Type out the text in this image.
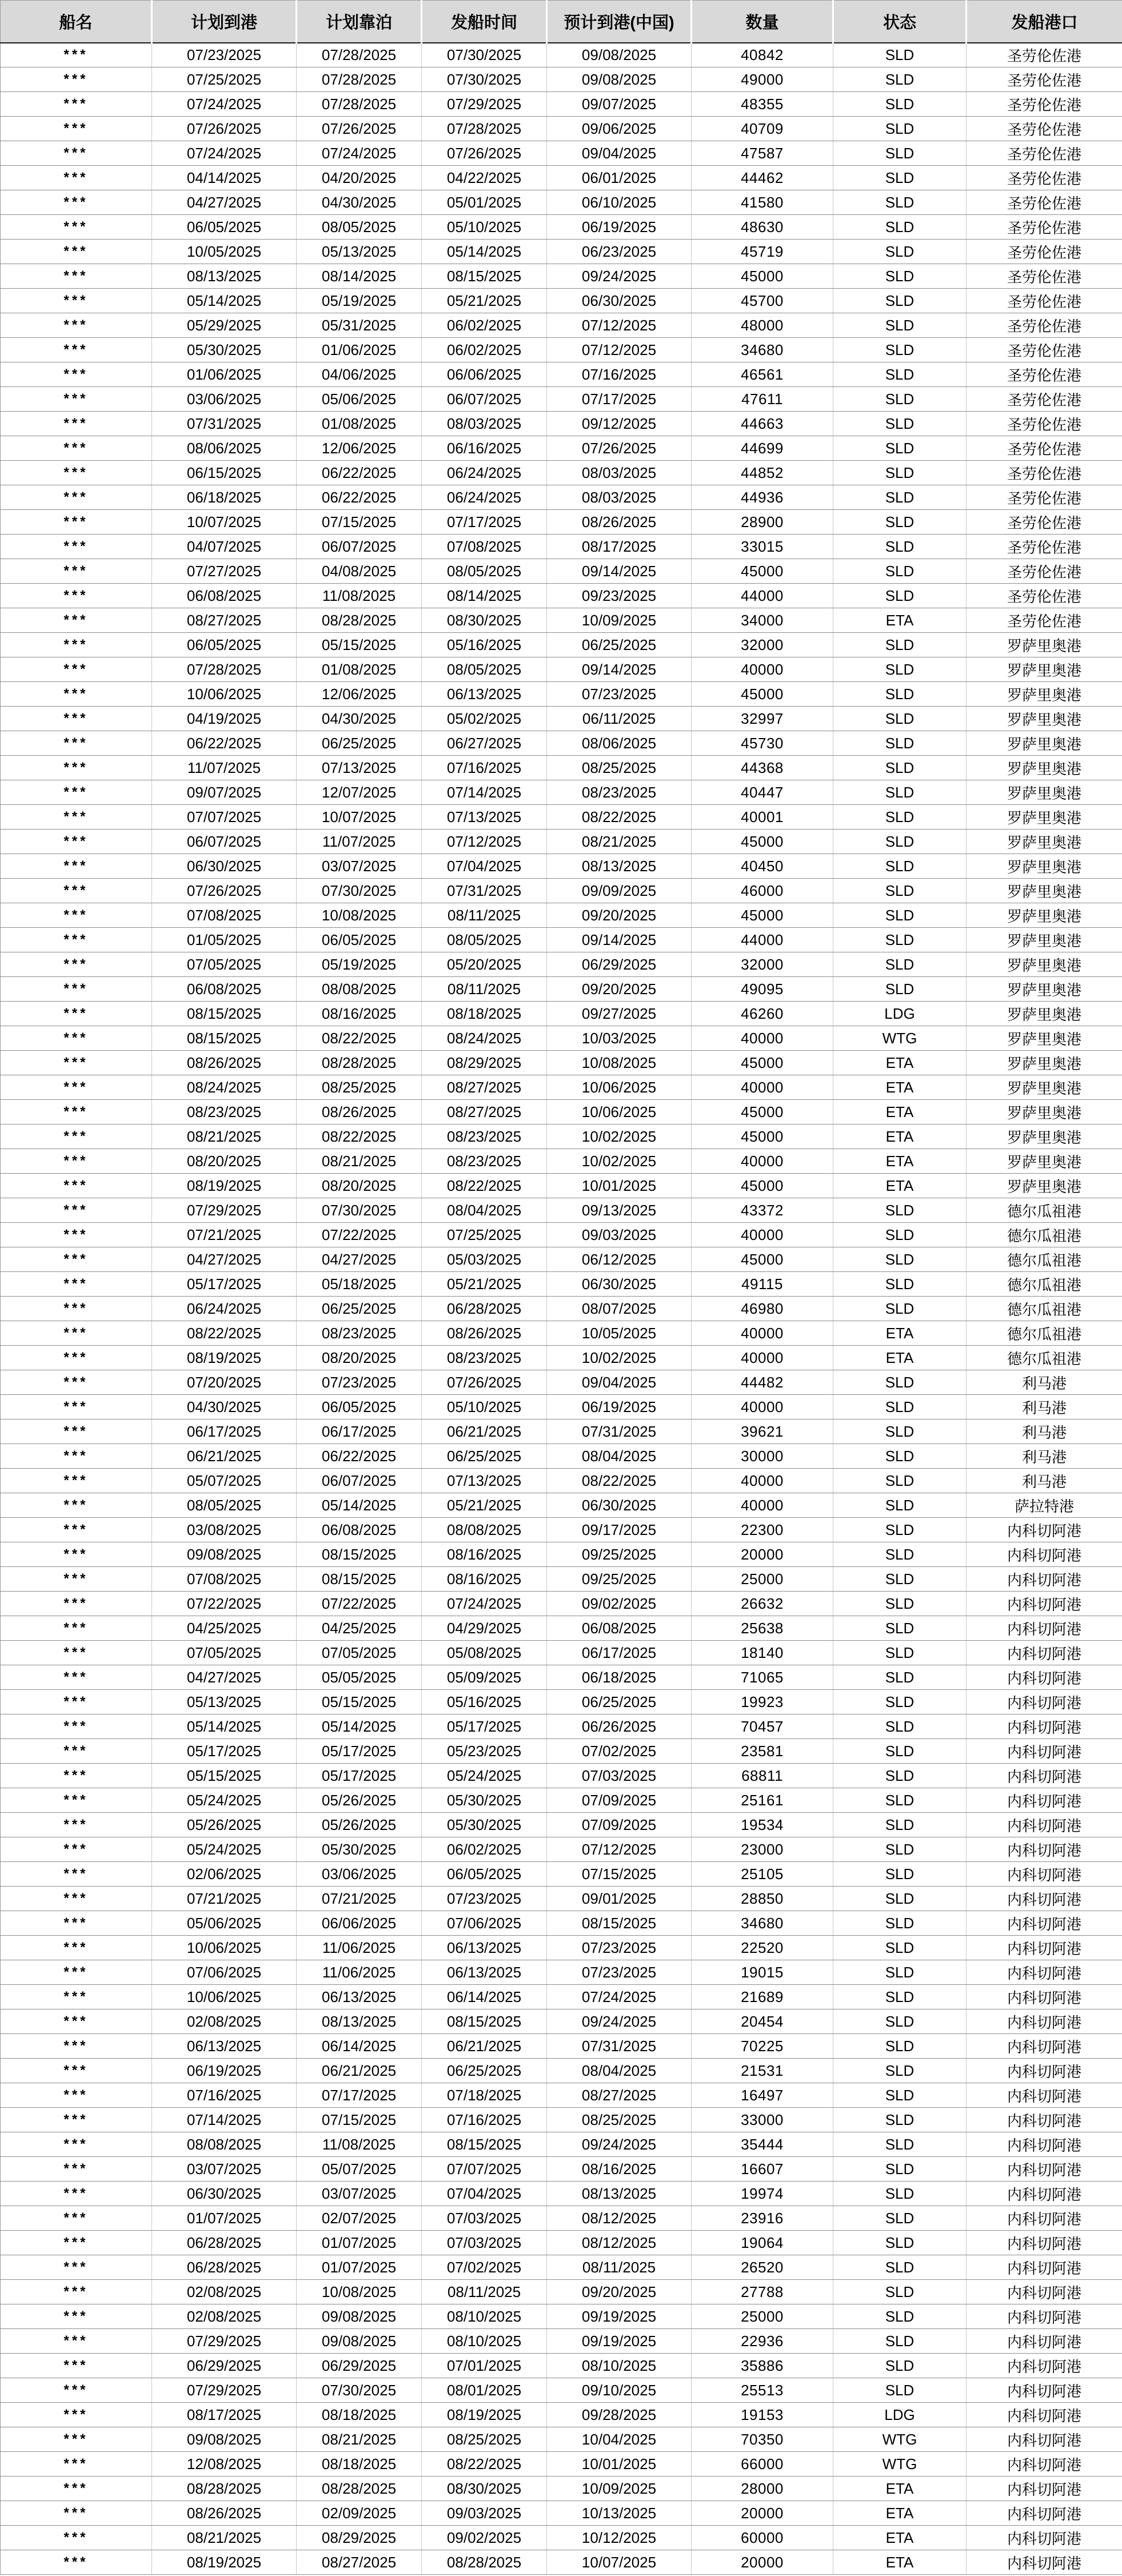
船名	计划到港	计划靠泊	发船时间	预计到港(中国)	数量	状态	发船港口
***	07/23/2025	07/28/2025	07/30/2025	09/08/2025	40842	SLD	圣劳伦佐港
***	07/25/2025	07/28/2025	07/30/2025	09/08/2025	49000	SLD	圣劳伦佐港
***	07/24/2025	07/28/2025	07/29/2025	09/07/2025	48355	SLD	圣劳伦佐港
***	07/26/2025	07/26/2025	07/28/2025	09/06/2025	40709	SLD	圣劳伦佐港
***	07/24/2025	07/24/2025	07/26/2025	09/04/2025	47587	SLD	圣劳伦佐港
***	04/14/2025	04/20/2025	04/22/2025	06/01/2025	44462	SLD	圣劳伦佐港
***	04/27/2025	04/30/2025	05/01/2025	06/10/2025	41580	SLD	圣劳伦佐港
***	06/05/2025	08/05/2025	05/10/2025	06/19/2025	48630	SLD	圣劳伦佐港
***	10/05/2025	05/13/2025	05/14/2025	06/23/2025	45719	SLD	圣劳伦佐港
***	08/13/2025	08/14/2025	08/15/2025	09/24/2025	45000	SLD	圣劳伦佐港
***	05/14/2025	05/19/2025	05/21/2025	06/30/2025	45700	SLD	圣劳伦佐港
***	05/29/2025	05/31/2025	06/02/2025	07/12/2025	48000	SLD	圣劳伦佐港
***	05/30/2025	01/06/2025	06/02/2025	07/12/2025	34680	SLD	圣劳伦佐港
***	01/06/2025	04/06/2025	06/06/2025	07/16/2025	46561	SLD	圣劳伦佐港
***	03/06/2025	05/06/2025	06/07/2025	07/17/2025	47611	SLD	圣劳伦佐港
***	07/31/2025	01/08/2025	08/03/2025	09/12/2025	44663	SLD	圣劳伦佐港
***	08/06/2025	12/06/2025	06/16/2025	07/26/2025	44699	SLD	圣劳伦佐港
***	06/15/2025	06/22/2025	06/24/2025	08/03/2025	44852	SLD	圣劳伦佐港
***	06/18/2025	06/22/2025	06/24/2025	08/03/2025	44936	SLD	圣劳伦佐港
***	10/07/2025	07/15/2025	07/17/2025	08/26/2025	28900	SLD	圣劳伦佐港
***	04/07/2025	06/07/2025	07/08/2025	08/17/2025	33015	SLD	圣劳伦佐港
***	07/27/2025	04/08/2025	08/05/2025	09/14/2025	45000	SLD	圣劳伦佐港
***	06/08/2025	11/08/2025	08/14/2025	09/23/2025	44000	SLD	圣劳伦佐港
***	08/27/2025	08/28/2025	08/30/2025	10/09/2025	34000	ETA	圣劳伦佐港
***	06/05/2025	05/15/2025	05/16/2025	06/25/2025	32000	SLD	罗萨里奥港
***	07/28/2025	01/08/2025	08/05/2025	09/14/2025	40000	SLD	罗萨里奥港
***	10/06/2025	12/06/2025	06/13/2025	07/23/2025	45000	SLD	罗萨里奥港
***	04/19/2025	04/30/2025	05/02/2025	06/11/2025	32997	SLD	罗萨里奥港
***	06/22/2025	06/25/2025	06/27/2025	08/06/2025	45730	SLD	罗萨里奥港
***	11/07/2025	07/13/2025	07/16/2025	08/25/2025	44368	SLD	罗萨里奥港
***	09/07/2025	12/07/2025	07/14/2025	08/23/2025	40447	SLD	罗萨里奥港
***	07/07/2025	10/07/2025	07/13/2025	08/22/2025	40001	SLD	罗萨里奥港
***	06/07/2025	11/07/2025	07/12/2025	08/21/2025	45000	SLD	罗萨里奥港
***	06/30/2025	03/07/2025	07/04/2025	08/13/2025	40450	SLD	罗萨里奥港
***	07/26/2025	07/30/2025	07/31/2025	09/09/2025	46000	SLD	罗萨里奥港
***	07/08/2025	10/08/2025	08/11/2025	09/20/2025	45000	SLD	罗萨里奥港
***	01/05/2025	06/05/2025	08/05/2025	09/14/2025	44000	SLD	罗萨里奥港
***	07/05/2025	05/19/2025	05/20/2025	06/29/2025	32000	SLD	罗萨里奥港
***	06/08/2025	08/08/2025	08/11/2025	09/20/2025	49095	SLD	罗萨里奥港
***	08/15/2025	08/16/2025	08/18/2025	09/27/2025	46260	LDG	罗萨里奥港
***	08/15/2025	08/22/2025	08/24/2025	10/03/2025	40000	WTG	罗萨里奥港
***	08/26/2025	08/28/2025	08/29/2025	10/08/2025	45000	ETA	罗萨里奥港
***	08/24/2025	08/25/2025	08/27/2025	10/06/2025	40000	ETA	罗萨里奥港
***	08/23/2025	08/26/2025	08/27/2025	10/06/2025	45000	ETA	罗萨里奥港
***	08/21/2025	08/22/2025	08/23/2025	10/02/2025	45000	ETA	罗萨里奥港
***	08/20/2025	08/21/2025	08/23/2025	10/02/2025	40000	ETA	罗萨里奥港
***	08/19/2025	08/20/2025	08/22/2025	10/01/2025	45000	ETA	罗萨里奥港
***	07/29/2025	07/30/2025	08/04/2025	09/13/2025	43372	SLD	德尔瓜祖港
***	07/21/2025	07/22/2025	07/25/2025	09/03/2025	40000	SLD	德尔瓜祖港
***	04/27/2025	04/27/2025	05/03/2025	06/12/2025	45000	SLD	德尔瓜祖港
***	05/17/2025	05/18/2025	05/21/2025	06/30/2025	49115	SLD	德尔瓜祖港
***	06/24/2025	06/25/2025	06/28/2025	08/07/2025	46980	SLD	德尔瓜祖港
***	08/22/2025	08/23/2025	08/26/2025	10/05/2025	40000	ETA	德尔瓜祖港
***	08/19/2025	08/20/2025	08/23/2025	10/02/2025	40000	ETA	德尔瓜祖港
***	07/20/2025	07/23/2025	07/26/2025	09/04/2025	44482	SLD	利马港
***	04/30/2025	06/05/2025	05/10/2025	06/19/2025	40000	SLD	利马港
***	06/17/2025	06/17/2025	06/21/2025	07/31/2025	39621	SLD	利马港
***	06/21/2025	06/22/2025	06/25/2025	08/04/2025	30000	SLD	利马港
***	05/07/2025	06/07/2025	07/13/2025	08/22/2025	40000	SLD	利马港
***	08/05/2025	05/14/2025	05/21/2025	06/30/2025	40000	SLD	萨拉特港
***	03/08/2025	06/08/2025	08/08/2025	09/17/2025	22300	SLD	内科切阿港
***	09/08/2025	08/15/2025	08/16/2025	09/25/2025	20000	SLD	内科切阿港
***	07/08/2025	08/15/2025	08/16/2025	09/25/2025	25000	SLD	内科切阿港
***	07/22/2025	07/22/2025	07/24/2025	09/02/2025	26632	SLD	内科切阿港
***	04/25/2025	04/25/2025	04/29/2025	06/08/2025	25638	SLD	内科切阿港
***	07/05/2025	07/05/2025	05/08/2025	06/17/2025	18140	SLD	内科切阿港
***	04/27/2025	05/05/2025	05/09/2025	06/18/2025	71065	SLD	内科切阿港
***	05/13/2025	05/15/2025	05/16/2025	06/25/2025	19923	SLD	内科切阿港
***	05/14/2025	05/14/2025	05/17/2025	06/26/2025	70457	SLD	内科切阿港
***	05/17/2025	05/17/2025	05/23/2025	07/02/2025	23581	SLD	内科切阿港
***	05/15/2025	05/17/2025	05/24/2025	07/03/2025	68811	SLD	内科切阿港
***	05/24/2025	05/26/2025	05/30/2025	07/09/2025	25161	SLD	内科切阿港
***	05/26/2025	05/26/2025	05/30/2025	07/09/2025	19534	SLD	内科切阿港
***	05/24/2025	05/30/2025	06/02/2025	07/12/2025	23000	SLD	内科切阿港
***	02/06/2025	03/06/2025	06/05/2025	07/15/2025	25105	SLD	内科切阿港
***	07/21/2025	07/21/2025	07/23/2025	09/01/2025	28850	SLD	内科切阿港
***	05/06/2025	06/06/2025	07/06/2025	08/15/2025	34680	SLD	内科切阿港
***	10/06/2025	11/06/2025	06/13/2025	07/23/2025	22520	SLD	内科切阿港
***	07/06/2025	11/06/2025	06/13/2025	07/23/2025	19015	SLD	内科切阿港
***	10/06/2025	06/13/2025	06/14/2025	07/24/2025	21689	SLD	内科切阿港
***	02/08/2025	08/13/2025	08/15/2025	09/24/2025	20454	SLD	内科切阿港
***	06/13/2025	06/14/2025	06/21/2025	07/31/2025	70225	SLD	内科切阿港
***	06/19/2025	06/21/2025	06/25/2025	08/04/2025	21531	SLD	内科切阿港
***	07/16/2025	07/17/2025	07/18/2025	08/27/2025	16497	SLD	内科切阿港
***	07/14/2025	07/15/2025	07/16/2025	08/25/2025	33000	SLD	内科切阿港
***	08/08/2025	11/08/2025	08/15/2025	09/24/2025	35444	SLD	内科切阿港
***	03/07/2025	05/07/2025	07/07/2025	08/16/2025	16607	SLD	内科切阿港
***	06/30/2025	03/07/2025	07/04/2025	08/13/2025	19974	SLD	内科切阿港
***	01/07/2025	02/07/2025	07/03/2025	08/12/2025	23916	SLD	内科切阿港
***	06/28/2025	01/07/2025	07/03/2025	08/12/2025	19064	SLD	内科切阿港
***	06/28/2025	01/07/2025	07/02/2025	08/11/2025	26520	SLD	内科切阿港
***	02/08/2025	10/08/2025	08/11/2025	09/20/2025	27788	SLD	内科切阿港
***	02/08/2025	09/08/2025	08/10/2025	09/19/2025	25000	SLD	内科切阿港
***	07/29/2025	09/08/2025	08/10/2025	09/19/2025	22936	SLD	内科切阿港
***	06/29/2025	06/29/2025	07/01/2025	08/10/2025	35886	SLD	内科切阿港
***	07/29/2025	07/30/2025	08/01/2025	09/10/2025	25513	SLD	内科切阿港
***	08/17/2025	08/18/2025	08/19/2025	09/28/2025	19153	LDG	内科切阿港
***	09/08/2025	08/21/2025	08/25/2025	10/04/2025	70350	WTG	内科切阿港
***	12/08/2025	08/18/2025	08/22/2025	10/01/2025	66000	WTG	内科切阿港
***	08/28/2025	08/28/2025	08/30/2025	10/09/2025	28000	ETA	内科切阿港
***	08/26/2025	02/09/2025	09/03/2025	10/13/2025	20000	ETA	内科切阿港
***	08/21/2025	08/29/2025	09/02/2025	10/12/2025	60000	ETA	内科切阿港
***	08/19/2025	08/27/2025	08/28/2025	10/07/2025	20000	ETA	内科切阿港
